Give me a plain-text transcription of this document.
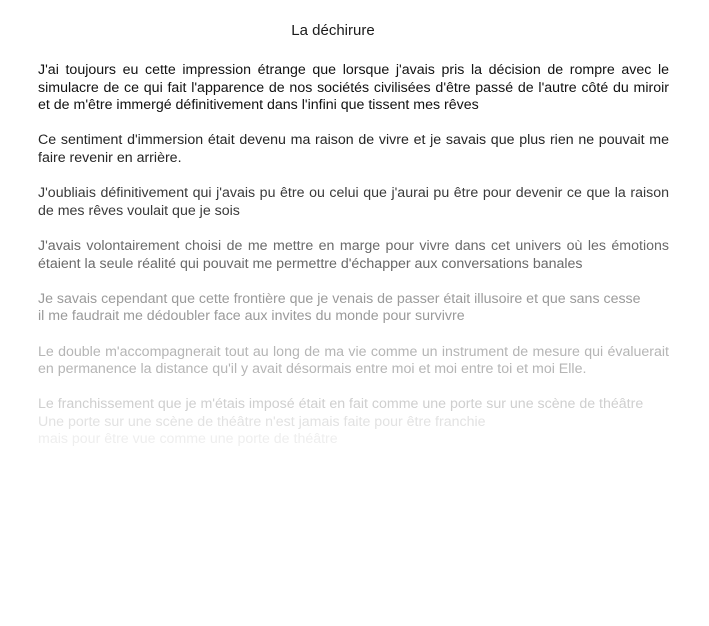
La déchirure

J'ai toujours eu cette impression étrange que lorsque j'avais pris la décision de rompre avec le simulacre de ce qui fait l'apparence de nos sociétés civilisées d'être passé de l'autre côté du miroir et de m'être immergé définitivement dans l'infini que tissent mes rêves

Ce sentiment d'immersion était devenu ma raison de vivre et je savais que plus rien ne pouvait me faire revenir en arrière.

J'oubliais définitivement qui j'avais pu être ou celui que j'aurai pu être pour devenir ce que la raison de mes rêves voulait que je sois

J'avais volontairement choisi de me mettre en marge pour vivre dans cet univers où les émotions étaient la seule réalité qui pouvait me permettre d'échapper aux conversations banales

Je savais cependant que cette frontière que je venais de passer était illusoire et que sans cesse
il me faudrait me dédoubler face aux invites du monde pour survivre

Le double m'accompagnerait tout au long de ma vie comme un instrument de mesure qui évaluerait en permanence la distance qu'il y avait désormais entre moi et moi entre toi et moi Elle.

Le franchissement que je m'étais imposé était en fait comme une porte sur une scène de théâtre
Une porte sur une scène de théâtre n'est jamais faite pour être franchie
mais pour être vue comme une porte de théâtre
